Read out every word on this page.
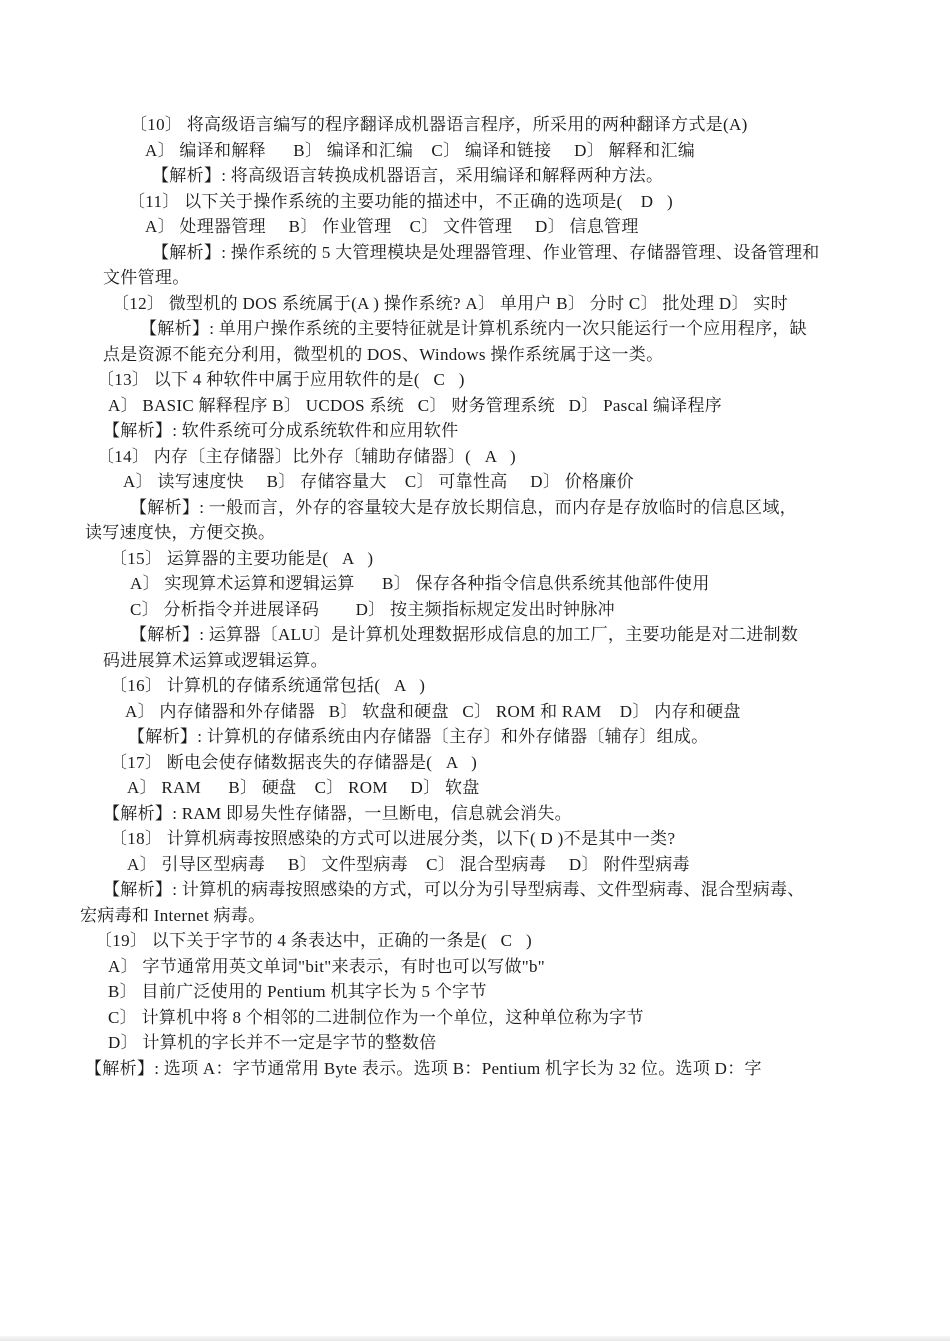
〔10〕 将高级语言编写的程序翻译成机器语言程序，所采用的两种翻译方式是(A)

A〕 编译和解释      B〕 编译和汇编    C〕 编译和链接     D〕 解释和汇编

【解析】: 将高级语言转换成机器语言，采用编译和解释两种方法。

〔11〕 以下关于操作系统的主要功能的描述中，不正确的选项是(    D   )

A〕 处理器管理     B〕 作业管理    C〕 文件管理     D〕 信息管理

【解析】: 操作系统的 5 大管理模块是处理器管理、作业管理、存储器管理、设备管理和

文件管理。

〔12〕 微型机的 DOS 系统属于(A ) 操作系统? A〕 单用户 B〕 分时 C〕 批处理 D〕 实时

【解析】: 单用户操作系统的主要特征就是计算机系统内一次只能运行一个应用程序，缺

点是资源不能充分利用，微型机的 DOS、Windows 操作系统属于这一类。

〔13〕 以下 4 种软件中属于应用软件的是(   C   )

A〕 BASIC 解释程序 B〕 UCDOS 系统   C〕 财务管理系统   D〕 Pascal 编译程序

【解析】: 软件系统可分成系统软件和应用软件

〔14〕 内存〔主存储器〕比外存〔辅助存储器〕(   A   )

A〕 读写速度快     B〕 存储容量大    C〕 可靠性高     D〕 价格廉价

【解析】: 一般而言，外存的容量较大是存放长期信息，而内存是存放临时的信息区域，

读写速度快，方便交换。

〔15〕 运算器的主要功能是(   A   )

A〕 实现算术运算和逻辑运算      B〕 保存各种指令信息供系统其他部件使用

C〕 分析指令并进展译码        D〕 按主频指标规定发出时钟脉冲

【解析】: 运算器〔ALU〕是计算机处理数据形成信息的加工厂，主要功能是对二进制数

码进展算术运算或逻辑运算。

〔16〕 计算机的存储系统通常包括(   A   )

A〕 内存储器和外存储器   B〕 软盘和硬盘   C〕 ROM 和 RAM    D〕 内存和硬盘

【解析】: 计算机的存储系统由内存储器〔主存〕和外存储器〔辅存〕组成。

〔17〕 断电会使存储数据丧失的存储器是(   A   )

A〕 RAM      B〕 硬盘    C〕 ROM     D〕 软盘

【解析】: RAM 即易失性存储器，一旦断电，信息就会消失。

〔18〕 计算机病毒按照感染的方式可以进展分类，以下( D )不是其中一类?

A〕 引导区型病毒     B〕 文件型病毒    C〕 混合型病毒     D〕 附件型病毒

【解析】: 计算机的病毒按照感染的方式，可以分为引导型病毒、文件型病毒、混合型病毒、

宏病毒和 Internet 病毒。

〔19〕 以下关于字节的 4 条表达中，正确的一条是(   C   )

A〕 字节通常用英文单词"bit"来表示，有时也可以写做"b"

B〕 目前广泛使用的 Pentium 机其字长为 5 个字节

C〕 计算机中将 8 个相邻的二进制位作为一个单位，这种单位称为字节

D〕 计算机的字长并不一定是字节的整数倍

【解析】: 选项 A：字节通常用 Byte 表示。选项 B：Pentium 机字长为 32 位。选项 D：字
